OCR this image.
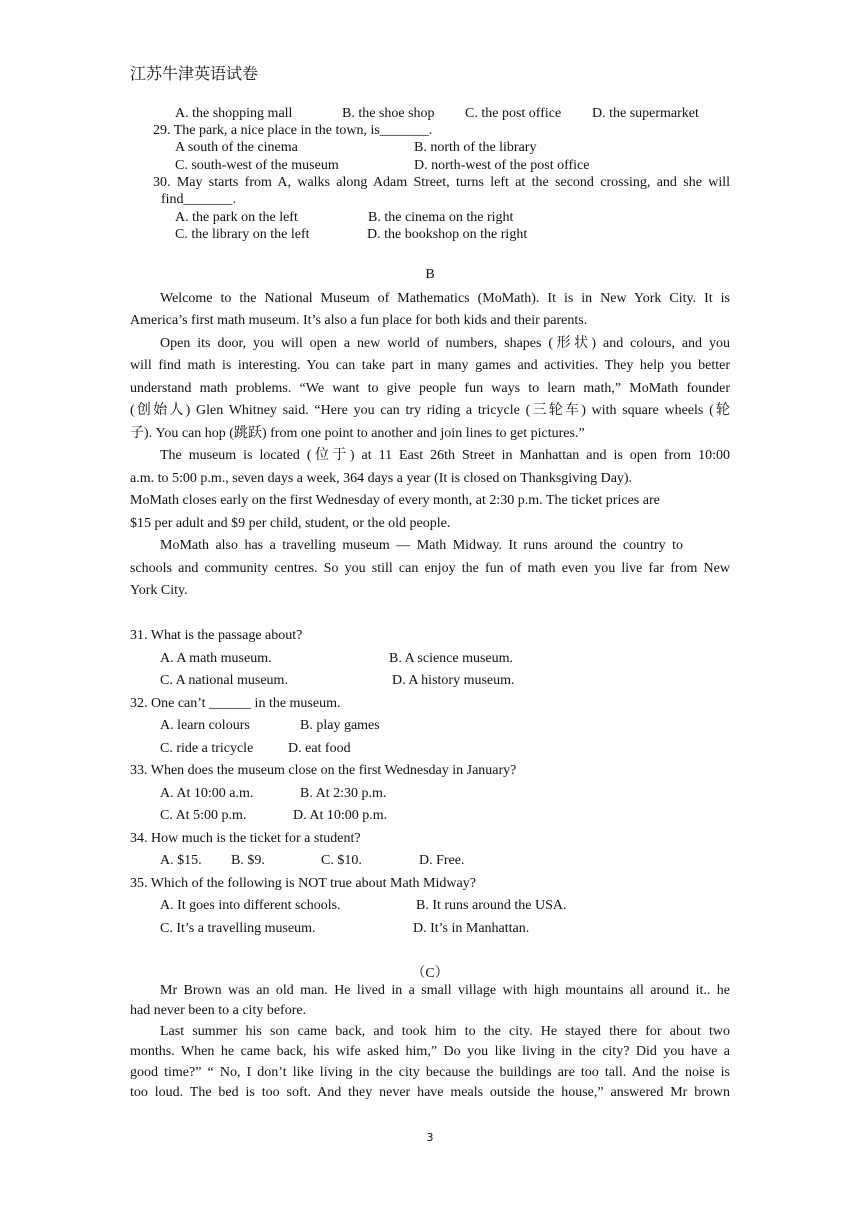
江苏牛津英语试卷
A. the shopping mall	B. the shoe shop C. the post office D. the supermarket
29. The park, a nice place in the town, is_______.
A south of the cinema	B. north of the library
C. south-west of the museum	D. north-west of the post office
30. May starts from A, walks along Adam Street, turns left at the second crossing, and she will
find_______.
A. the park on the left	B. the cinema on the right
C. the library on the left	D. the bookshop on the right
B
Welcome to the National Museum of Mathematics (MoMath). It is in New York City. It is
America’s first math museum. It’s also a fun place for both kids and their parents.
Open its door, you will open a new world of numbers, shapes (形状) and colours, and you
will find math is interesting. You can take part in many games and activities. They help you better
understand math problems. “We want to give people fun ways to learn math,” MoMath founder
(创始人) Glen Whitney said. “Here you can try riding a tricycle (三轮车) with square wheels (轮
子). You can hop (跳跃) from one point to another and join lines to get pictures.”
The museum is located (位于) at 11 East 26th Street in Manhattan and is open from 10:00
a.m. to 5:00 p.m., seven days a week, 364 days a year (It is closed on Thanksgiving Day).
MoMath closes early on the first Wednesday of every month, at 2:30 p.m. The ticket prices are
$15 per adult and $9 per child, student, or the old people.
MoMath also has a travelling museum — Math Midway. It runs around the country to
schools and community centres. So you still can enjoy the fun of math even you live far from New
York City.
31. What is the passage about?
A. A math museum.	B. A science museum.
C. A national museum.	D. A history museum.
32. One can’t ______ in the museum.
A. learn colours	B. play games
C. ride a tricycle D. eat food
33. When does the museum close on the first Wednesday in January?
A. At 10:00 a.m.	B. At 2:30 p.m.
C. At 5:00 p.m.	D. At 10:00 p.m.
34. How much is the ticket for a student?
A. $15. B. $9.	C. $10.	D. Free.
35. Which of the following is NOT true about Math Midway?
A. It goes into different schools.	B. It runs around the USA.
C. It’s a travelling museum.	D. It’s in Manhattan.
（C）
Mr Brown was an old man. He lived in a small village with high mountains all around it.. he
had never been to a city before.
Last summer his son came back, and took him to the city. He stayed there for about two
months. When he came back, his wife asked him,” Do you like living in the city? Did you have a
good time?” “ No, I don’t like living in the city because the buildings are too tall. And the noise is
too loud. The bed is too soft. And they never have meals outside the house,” answered Mr brown
3
